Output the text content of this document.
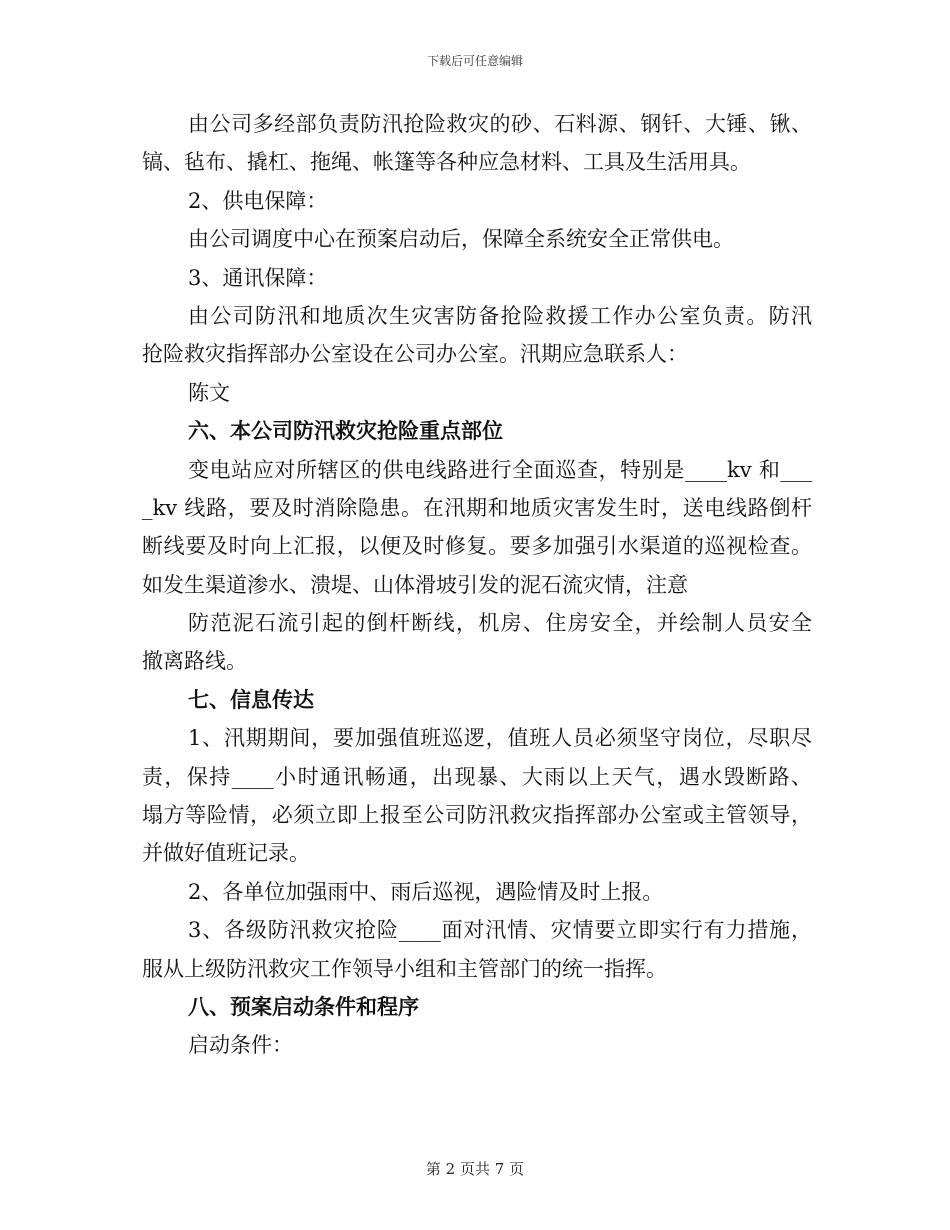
下载后可任意编辑
由公司多经部负责防汛抢险救灾的砂、石料源、钢钎、大锤、锹、
镐、毡布、撬杠、拖绳、帐篷等各种应急材料、工具及生活用具。
2、供电保障：
由公司调度中心在预案启动后，保障全系统安全正常供电。
3、通讯保障：
由公司防汛和地质次生灾害防备抢险救援工作办公室负责。防汛
抢险救灾指挥部办公室设在公司办公室。汛期应急联系人：
陈文
六、本公司防汛救灾抢险重点部位
变电站应对所辖区的供电线路进行全面巡查，特别是____kv 和___
_kv 线路，要及时消除隐患。在汛期和地质灾害发生时，送电线路倒杆
断线要及时向上汇报，以便及时修复。要多加强引水渠道的巡视检查。
如发生渠道渗水、溃堤、山体滑坡引发的泥石流灾情，注意
防范泥石流引起的倒杆断线，机房、住房安全，并绘制人员安全
撤离路线。
七、信息传达
1、汛期期间，要加强值班巡逻，值班人员必须坚守岗位，尽职尽
责，保持____小时通讯畅通，出现暴、大雨以上天气，遇水毁断路、
塌方等险情，必须立即上报至公司防汛救灾指挥部办公室或主管领导，
并做好值班记录。
2、各单位加强雨中、雨后巡视，遇险情及时上报。
3、各级防汛救灾抢险____面对汛情、灾情要立即实行有力措施，
服从上级防汛救灾工作领导小组和主管部门的统一指挥。
八、预案启动条件和程序
启动条件：
第 2 页共 7 页
